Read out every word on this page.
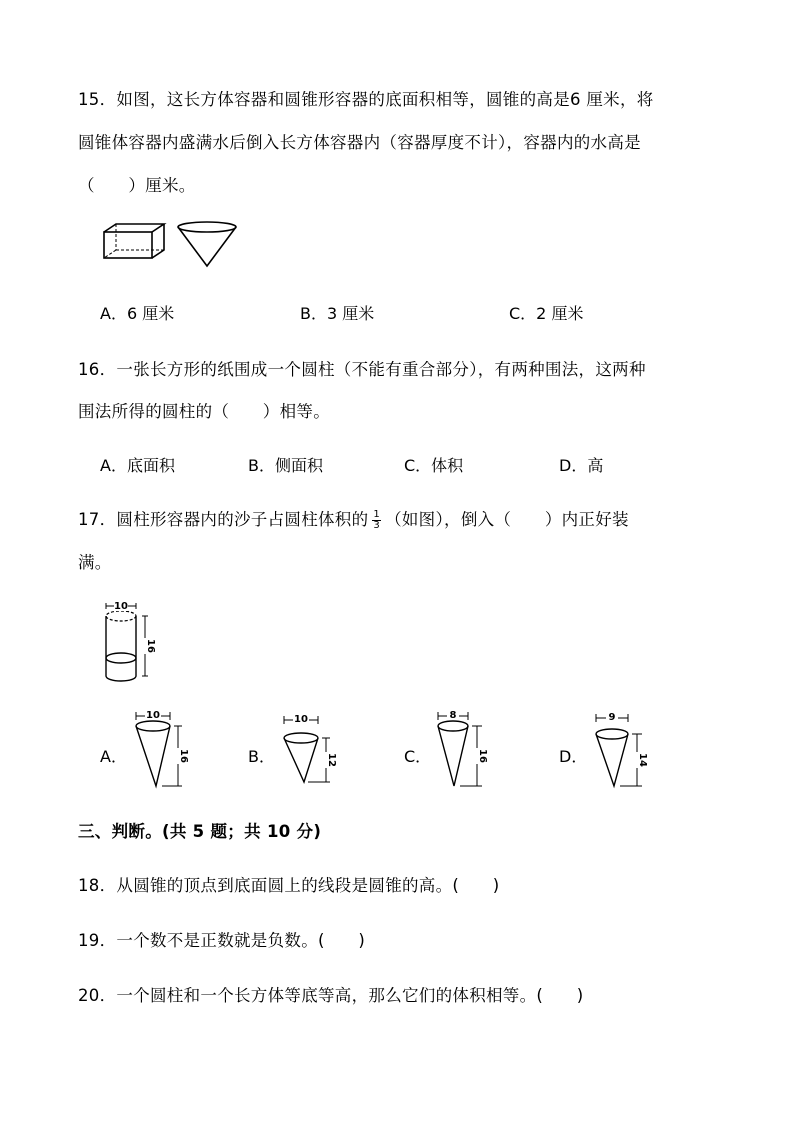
15．如图，这长方体容器和圆锥形容器的底面积相等，圆锥的高是6 厘米，将
圆锥体容器内盛满水后倒入长方体容器内（容器厚度不计），容器内的水高是
（　　）厘米。
A．6 厘米	B．3 厘米	C．2 厘米
16．一张长方形的纸围成一个圆柱（不能有重合部分），有两种围法，这两种
围法所得的圆柱的（　　）相等。
A．底面积	B．侧面积	C．体积	D．高
17．圆柱形容器内的沙子占圆柱体积的 $\frac{1}{3}$ （如图），倒入（　　）内正好装
满。
10
16
A．
10
16	B．
10
12	C．
8
16	D．
9
14
三、判断。(共 5 题；共 10 分)
18．从圆锥的顶点到底面圆上的线段是圆锥的高。(　　)
19．一个数不是正数就是负数。(　　)
20．一个圆柱和一个长方体等底等高，那么它们的体积相等。(　　)
